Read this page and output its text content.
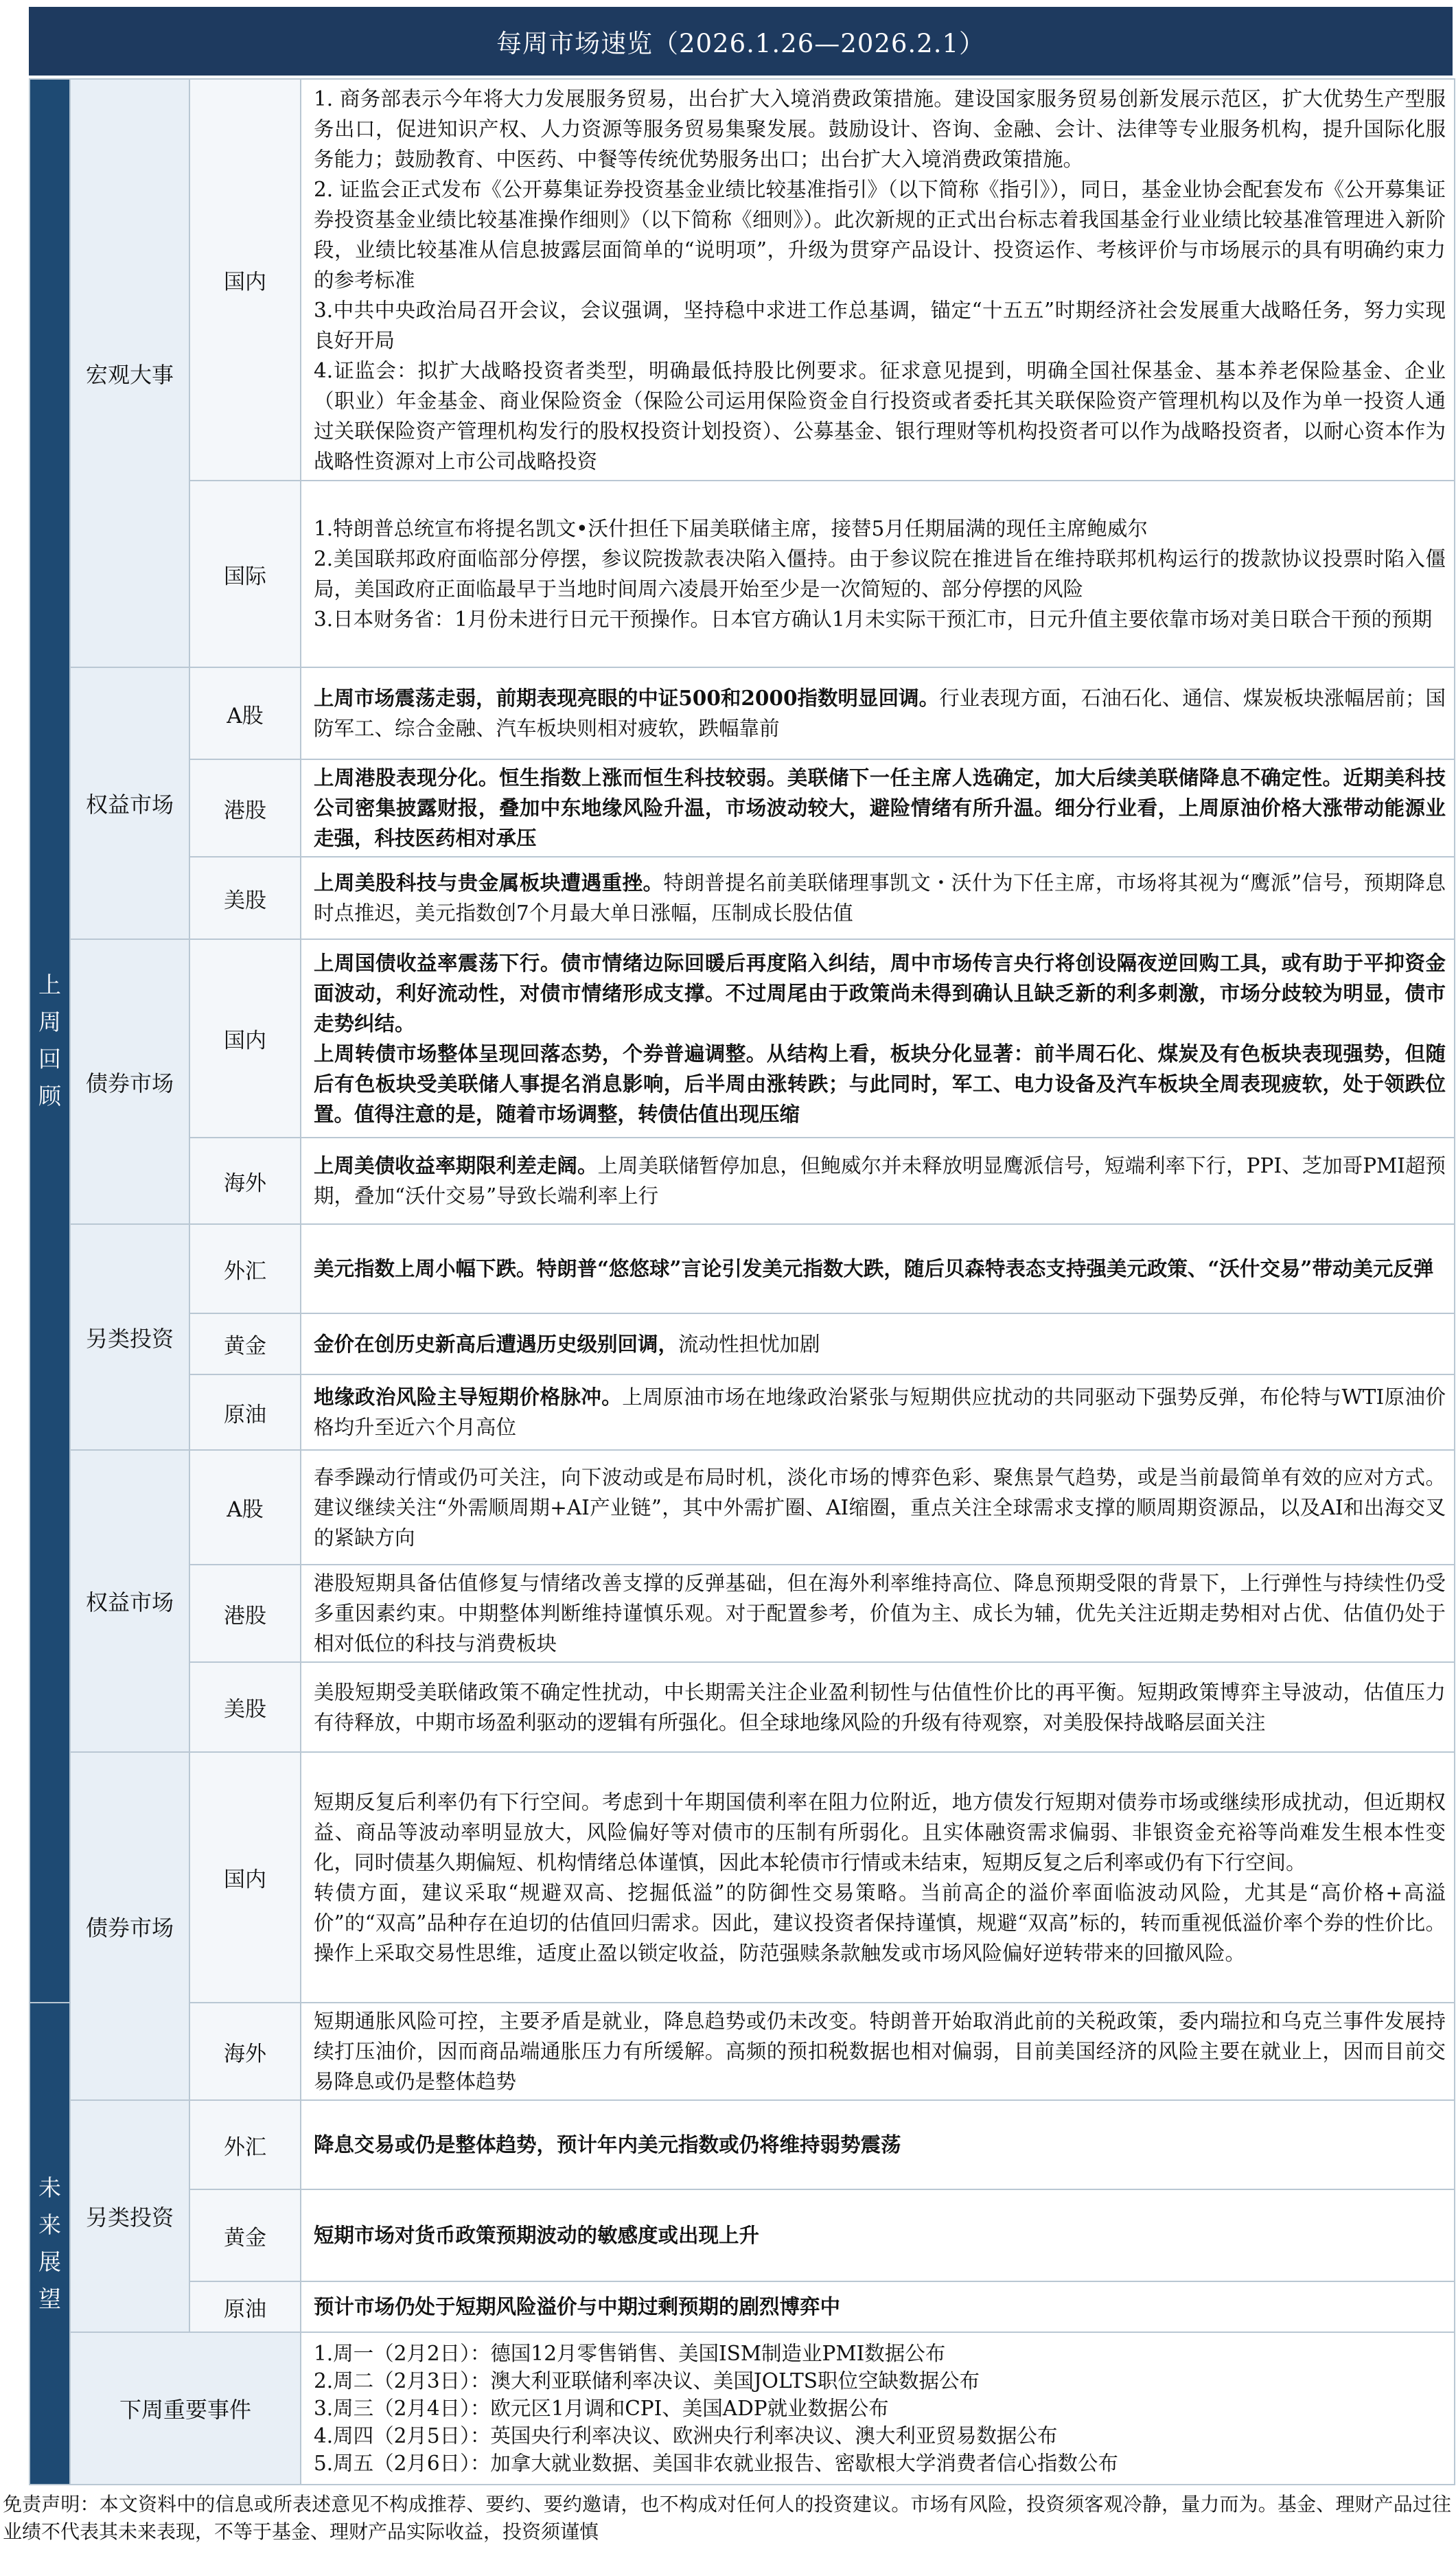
每周市场速览（2026.1.26—2026.2.1）
上周回顾	宏观大事	国内	1. 商务部表示今年将大力发展服务贸易，出台扩大入境消费政策措施。建设国家服务贸易创新发展示范区，扩大优势生产型服务出口，促进知识产权、人力资源等服务贸易集聚发展。鼓励设计、咨询、金融、会计、法律等专业服务机构，提升国际化服务能力；鼓励教育、中医药、中餐等传统优势服务出口；出台扩大入境消费政策措施。

2. 证监会正式发布《公开募集证券投资基金业绩比较基准指引》（以下简称《指引》），同日，基金业协会配套发布《公开募集证券投资基金业绩比较基准操作细则》（以下简称《细则》）。此次新规的正式出台标志着我国基金行业业绩比较基准管理进入新阶段，业绩比较基准从信息披露层面简单的“说明项”，升级为贯穿产品设计、投资运作、考核评价与市场展示的具有明确约束力的参考标准

3.中共中央政治局召开会议，会议强调，坚持稳中求进工作总基调，锚定“十五五”时期经济社会发展重大战略任务，努力实现良好开局

4.证监会：拟扩大战略投资者类型，明确最低持股比例要求。征求意见提到，明确全国社保基金、基本养老保险基金、企业（职业）年金基金、商业保险资金（保险公司运用保险资金自行投资或者委托其关联保险资产管理机构以及作为单一投资人通过关联保险资产管理机构发行的股权投资计划投资）、公募基金、银行理财等机构投资者可以作为战略投资者，以耐心资本作为战略性资源对上市公司战略投资

		国际	1.特朗普总统宣布将提名凯文•沃什担任下届美联储主席，接替5月任期届满的现任主席鲍威尔

2.美国联邦政府面临部分停摆，参议院拨款表决陷入僵持。由于参议院在推进旨在维持联邦机构运行的拨款协议投票时陷入僵局，美国政府正面临最早于当地时间周六凌晨开始至少是一次简短的、部分停摆的风险

3.日本财务省：1月份未进行日元干预操作。日本官方确认1月未实际干预汇市，日元升值主要依靠市场对美日联合干预的预期

	权益市场	A股	上周市场震荡走弱，前期表现亮眼的中证500和2000指数明显回调。行业表现方面，石油石化、通信、煤炭板块涨幅居前；国防军工、综合金融、汽车板块则相对疲软，跌幅靠前
		港股	上周港股表现分化。恒生指数上涨而恒生科技较弱。美联储下一任主席人选确定，加大后续美联储降息不确定性。近期美科技公司密集披露财报，叠加中东地缘风险升温，市场波动较大，避险情绪有所升温。细分行业看，上周原油价格大涨带动能源业走强，科技医药相对承压
		美股	上周美股科技与贵金属板块遭遇重挫。特朗普提名前美联储理事凯文・沃什为下任主席，市场将其视为“鹰派”信号，预期降息时点推迟，美元指数创7个月最大单日涨幅，压制成长股估值
	债券市场	国内	上周国债收益率震荡下行。债市情绪边际回暖后再度陷入纠结，周中市场传言央行将创设隔夜逆回购工具，或有助于平抑资金面波动，利好流动性，对债市情绪形成支撑。不过周尾由于政策尚未得到确认且缺乏新的利多刺激，市场分歧较为明显，债市走势纠结。

上周转债市场整体呈现回落态势，个券普遍调整。从结构上看，板块分化显著：前半周石化、煤炭及有色板块表现强势，但随后有色板块受美联储人事提名消息影响，后半周由涨转跌；与此同时，军工、电力设备及汽车板块全周表现疲软，处于领跌位置。值得注意的是，随着市场调整，转债估值出现压缩

		海外	上周美债收益率期限利差走阔。上周美联储暂停加息，但鲍威尔并未释放明显鹰派信号，短端利率下行，PPI、芝加哥PMI超预期，叠加“沃什交易”导致长端利率上行
	另类投资	外汇	美元指数上周小幅下跌。特朗普“悠悠球”言论引发美元指数大跌，随后贝森特表态支持强美元政策、“沃什交易”带动美元反弹
		黄金	金价在创历史新高后遭遇历史级别回调，流动性担忧加剧
		原油	地缘政治风险主导短期价格脉冲。上周原油市场在地缘政治紧张与短期供应扰动的共同驱动下强势反弹，布伦特与WTI原油价格均升至近六个月高位
	权益市场	A股	春季躁动行情或仍可关注，向下波动或是布局时机，淡化市场的博弈色彩、聚焦景气趋势，或是当前最简单有效的应对方式。建议继续关注“外需顺周期+AI产业链”，其中外需扩圈、AI缩圈，重点关注全球需求支撑的顺周期资源品，以及AI和出海交叉的紧缺方向
		港股	港股短期具备估值修复与情绪改善支撑的反弹基础，但在海外利率维持高位、降息预期受限的背景下，上行弹性与持续性仍受多重因素约束。中期整体判断维持谨慎乐观。对于配置参考，价值为主、成长为辅，优先关注近期走势相对占优、估值仍处于相对低位的科技与消费板块
		美股	美股短期受美联储政策不确定性扰动，中长期需关注企业盈利韧性与估值性价比的再平衡。短期政策博弈主导波动，估值压力有待释放，中期市场盈利驱动的逻辑有所强化。但全球地缘风险的升级有待观察，对美股保持战略层面关注
	债券市场	国内	短期反复后利率仍有下行空间。考虑到十年期国债利率在阻力位附近，地方债发行短期对债券市场或继续形成扰动，但近期权益、商品等波动率明显放大，风险偏好等对债市的压制有所弱化。且实体融资需求偏弱、非银资金充裕等尚难发生根本性变化，同时债基久期偏短、机构情绪总体谨慎，因此本轮债市行情或未结束，短期反复之后利率或仍有下行空间。

转债方面，建议采取“规避双高、挖掘低溢”的防御性交易策略。当前高企的溢价率面临波动风险，尤其是“高价格+高溢价”的“双高”品种存在迫切的估值回归需求。因此，建议投资者保持谨慎，规避“双高”标的，转而重视低溢价率个券的性价比。操作上采取交易性思维，适度止盈以锁定收益，防范强赎条款触发或市场风险偏好逆转带来的回撤风险。

未来展望		海外	短期通胀风险可控，主要矛盾是就业，降息趋势或仍未改变。特朗普开始取消此前的关税政策，委内瑞拉和乌克兰事件发展持续打压油价，因而商品端通胀压力有所缓解。高频的预扣税数据也相对偏弱，目前美国经济的风险主要在就业上，因而目前交易降息或仍是整体趋势
	另类投资	外汇	降息交易或仍是整体趋势，预计年内美元指数或仍将维持弱势震荡
		黄金	短期市场对货币政策预期波动的敏感度或出现上升
		原油	预计市场仍处于短期风险溢价与中期过剩预期的剧烈博弈中
	下周重要事件		1.周一（2月2日）：德国12月零售销售、美国ISM制造业PMI数据公布

2.周二（2月3日）：澳大利亚联储利率决议、美国JOLTS职位空缺数据公布

3.周三（2月4日）：欧元区1月调和CPI、美国ADP就业数据公布

4.周四（2月5日）：英国央行利率决议、欧洲央行利率决议、澳大利亚贸易数据公布

5.周五（2月6日）：加拿大就业数据、美国非农就业报告、密歇根大学消费者信心指数公布

免责声明：本文资料中的信息或所表述意见不构成推荐、要约、要约邀请，也不构成对任何人的投资建议。市场有风险，投资须客观冷静，量力而为。基金、理财产品过往业绩不代表其未来表现，不等于基金、理财产品实际收益，投资须谨慎
